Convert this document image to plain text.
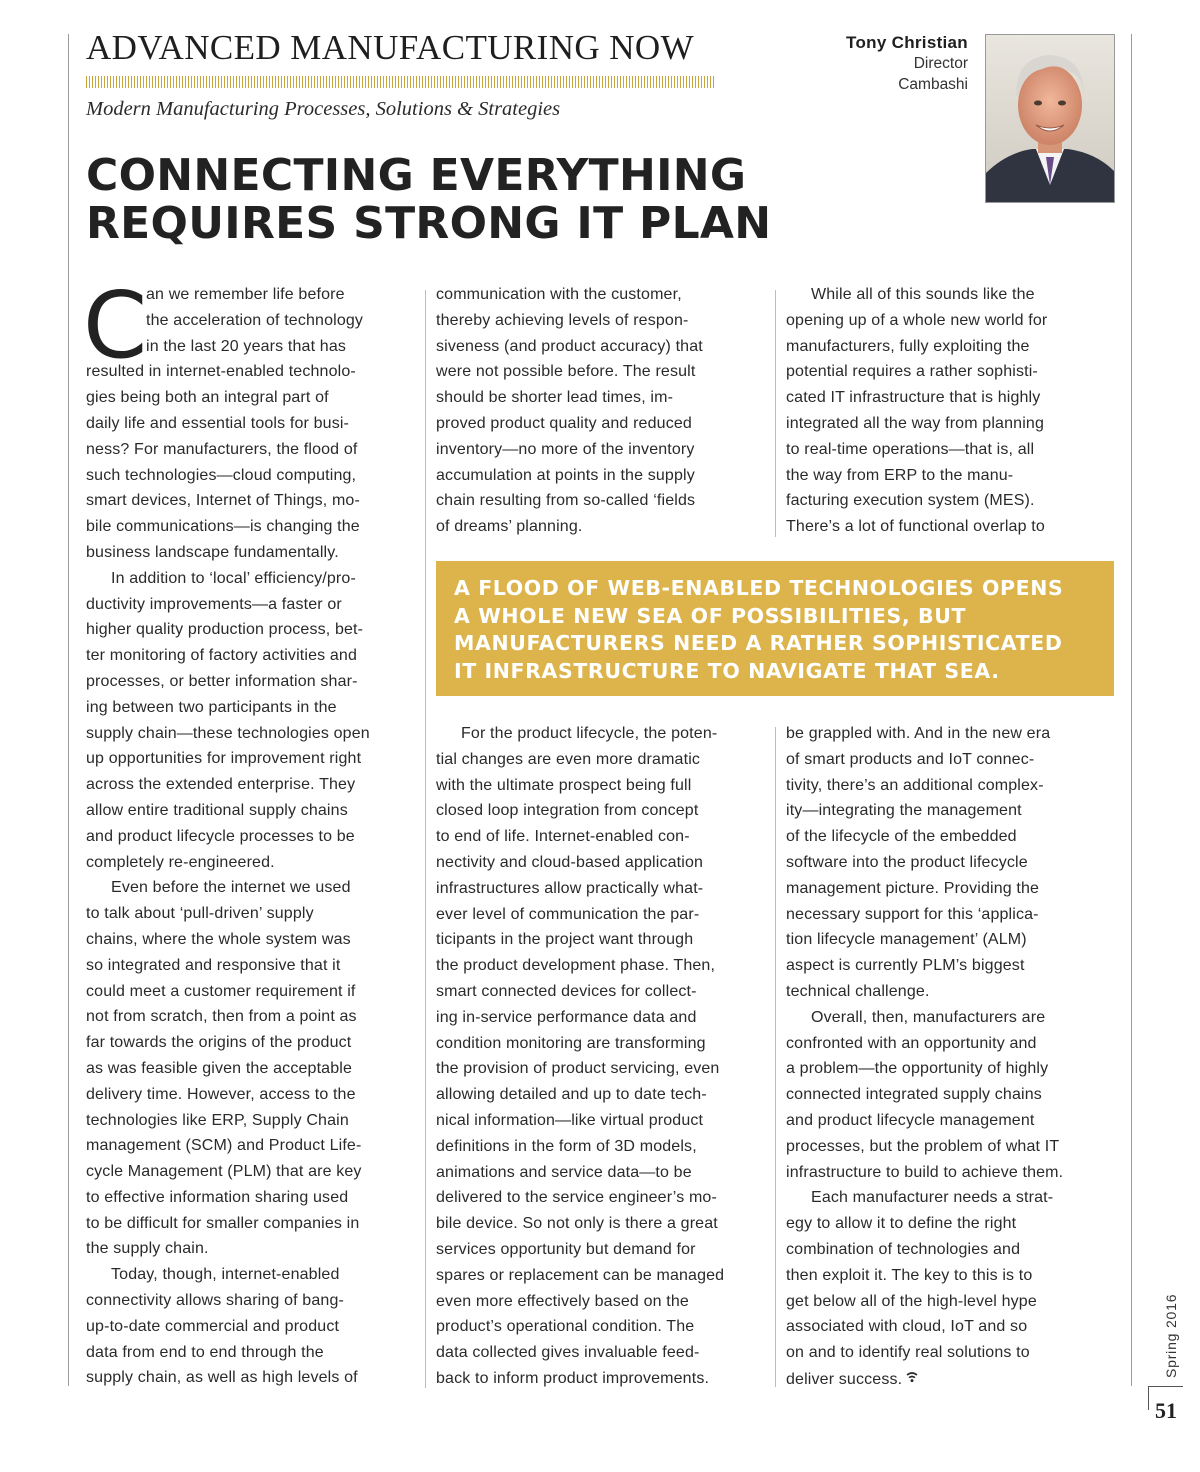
ADVANCED MANUFACTURING NOW
Modern Manufacturing Processes, Solutions & Strategies
Tony Christian
Director
Cambashi
CONNECTING EVERYTHING
REQUIRES STRONG IT PLAN
C
an we remember life before
the acceleration of technology
in the last 20 years that has
resulted in internet-enabled technolo-
gies being both an integral part of
daily life and essential tools for busi-
ness? For manufacturers, the flood of
such technologies—cloud computing,
smart devices, Internet of Things, mo-
bile communications—is changing the
business landscape fundamentally.
In addition to ‘local’ efficiency/pro-
ductivity improvements—a faster or
higher quality production process, bet-
ter monitoring of factory activities and
processes, or better information shar-
ing between two participants in the
supply chain—these technologies open
up opportunities for improvement right
across the extended enterprise. They
allow entire traditional supply chains
and product lifecycle processes to be
completely re-engineered.
Even before the internet we used
to talk about ‘pull-driven’ supply
chains, where the whole system was
so integrated and responsive that it
could meet a customer requirement if
not from scratch, then from a point as
far towards the origins of the product
as was feasible given the acceptable
delivery time. However, access to the
technologies like ERP, Supply Chain
management (SCM) and Product Life-
cycle Management (PLM) that are key
to effective information sharing used
to be difficult for smaller companies in
the supply chain.
Today, though, internet-enabled
connectivity allows sharing of bang-
up-to-date commercial and product
data from end to end through the
supply chain, as well as high levels of
communication with the customer,
thereby achieving levels of respon-
siveness (and product accuracy) that
were not possible before. The result
should be shorter lead times, im-
proved product quality and reduced
inventory—no more of the inventory
accumulation at points in the supply
chain resulting from so-called ‘fields
of dreams’ planning.
While all of this sounds like the
opening up of a whole new world for
manufacturers, fully exploiting the
potential requires a rather sophisti-
cated IT infrastructure that is highly
integrated all the way from planning
to real-time operations—that is, all
the way from ERP to the manu-
facturing execution system (MES).
There’s a lot of functional overlap to
A FLOOD OF WEB-ENABLED TECHNOLOGIES OPENS
A WHOLE NEW SEA OF POSSIBILITIES, BUT
MANUFACTURERS NEED A RATHER SOPHISTICATED
IT INFRASTRUCTURE TO NAVIGATE THAT SEA.
For the product lifecycle, the poten-
tial changes are even more dramatic
with the ultimate prospect being full
closed loop integration from concept
to end of life. Internet-enabled con-
nectivity and cloud-based application
infrastructures allow practically what-
ever level of communication the par-
ticipants in the project want through
the product development phase. Then,
smart connected devices for collect-
ing in-service performance data and
condition monitoring are transforming
the provision of product servicing, even
allowing detailed and up to date tech-
nical information—like virtual product
definitions in the form of 3D models,
animations and service data—to be
delivered to the service engineer’s mo-
bile device. So not only is there a great
services opportunity but demand for
spares or replacement can be managed
even more effectively based on the
product’s operational condition. The
data collected gives invaluable feed-
back to inform product improvements.
be grappled with. And in the new era
of smart products and IoT connec-
tivity, there’s an additional complex-
ity—integrating the management
of the lifecycle of the embedded
software into the product lifecycle
management picture. Providing the
necessary support for this ‘applica-
tion lifecycle management’ (ALM)
aspect is currently PLM’s biggest
technical challenge.
Overall, then, manufacturers are
confronted with an opportunity and
a problem—the opportunity of highly
connected integrated supply chains
and product lifecycle management
processes, but the problem of what IT
infrastructure to build to achieve them.
Each manufacturer needs a strat-
egy to allow it to define the right
combination of technologies and
then exploit it. The key to this is to
get below all of the high-level hype
associated with cloud, IoT and so
on and to identify real solutions to
deliver success.
Spring 2016
51
